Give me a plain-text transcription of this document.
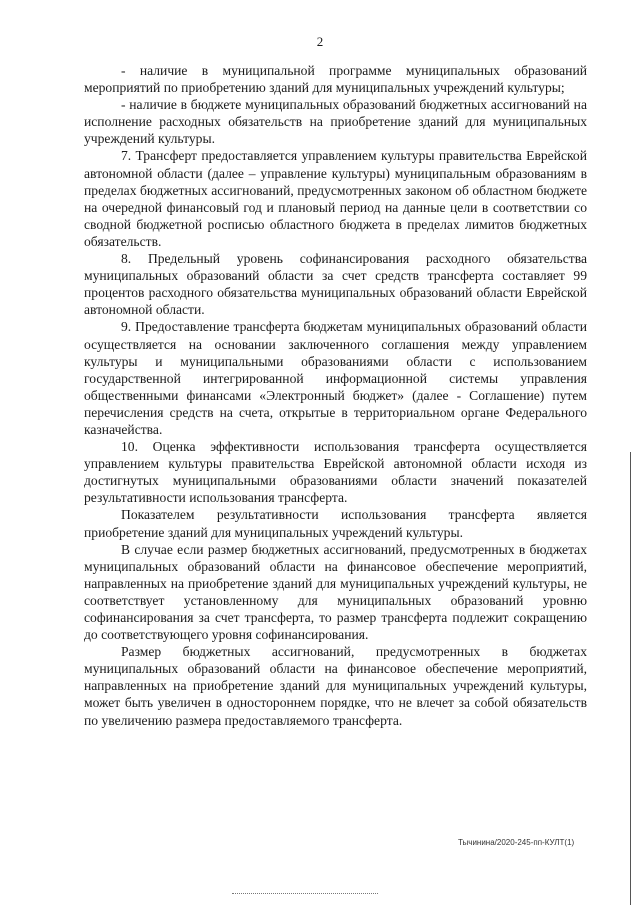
2

- наличие в муниципальной программе муниципальных образований мероприятий по приобретению зданий для муниципальных учреждений культуры;

- наличие в бюджете муниципальных образований бюджетных ассигнований на исполнение расходных обязательств на приобретение зданий для муниципальных учреждений культуры.

7. Трансферт предоставляется управлением культуры правительства Еврейской автономной области (далее – управление культуры) муниципальным образованиям в пределах бюджетных ассигнований, предусмотренных законом об областном бюджете на очередной финансовый год и плановый период на данные цели в соответствии со сводной бюджетной росписью областного бюджета в пределах лимитов бюджетных обязательств.

8. Предельный уровень софинансирования расходного обязательства муниципальных образований области за счет средств трансферта составляет 99 процентов расходного обязательства муниципальных образований области Еврейской автономной области.

9. Предоставление трансферта бюджетам муниципальных образований области осуществляется на основании заключенного соглашения между управлением культуры и муниципальными образованиями области с использованием государственной интегрированной информационной системы управления общественными финансами «Электронный бюджет» (далее - Соглашение) путем перечисления средств на счета, открытые в территориальном органе Федерального казначейства.

10. Оценка эффективности использования трансферта осуществляется управлением культуры правительства Еврейской автономной области исходя из достигнутых муниципальными образованиями области значений показателей результативности использования трансферта.

Показателем результативности использования трансферта является приобретение зданий для муниципальных учреждений культуры.

В случае если размер бюджетных ассигнований, предусмотренных в бюджетах муниципальных образований области на финансовое обеспечение мероприятий, направленных на приобретение зданий для муниципальных учреждений культуры, не соответствует установленному для муниципальных образований уровню софинансирования за счет трансферта, то размер трансферта подлежит сокращению до соответствующего уровня софинансирования.

Размер бюджетных ассигнований, предусмотренных в бюджетах муниципальных образований области на финансовое обеспечение мероприятий, направленных на приобретение зданий для муниципальных учреждений культуры, может быть увеличен в одностороннем порядке, что не влечет за собой обязательств по увеличению размера предоставляемого трансферта.

Тычинина/2020-245-пп-КУЛТ(1)
